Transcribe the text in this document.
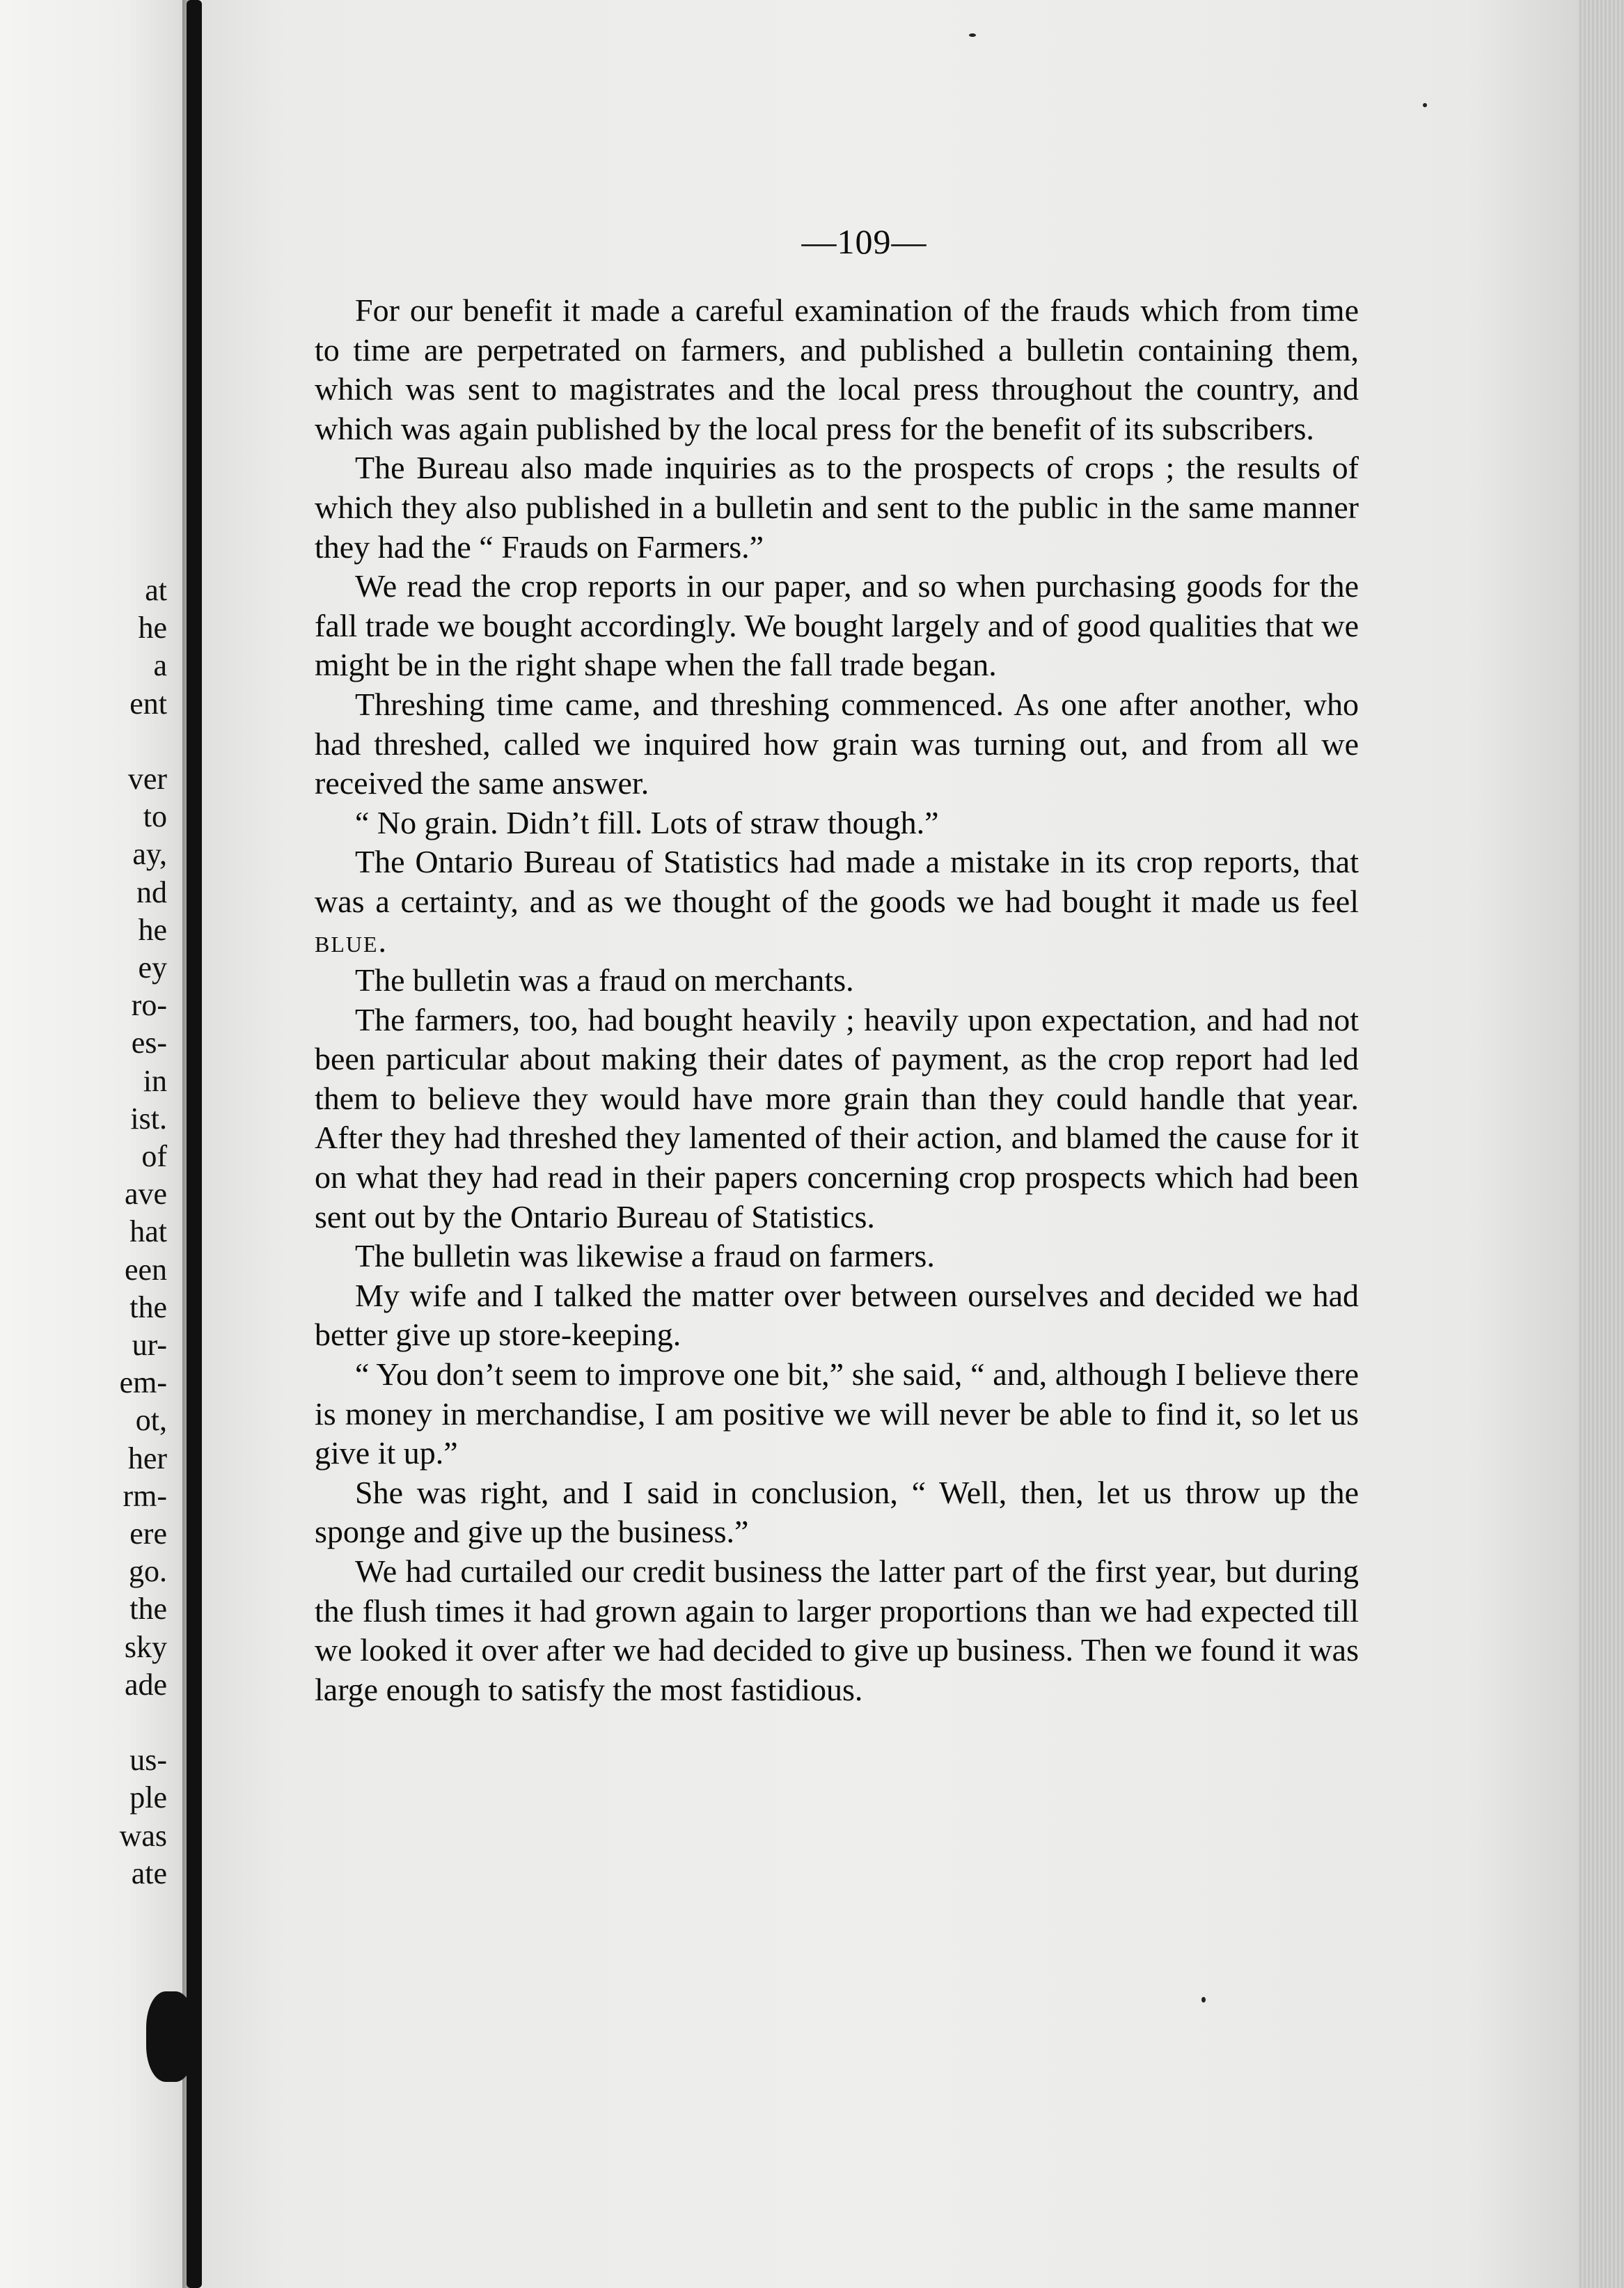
at
he
a
ent
ver
to
ay,
nd
he
ey
ro-
es-
in
ist.
of
ave
hat
een
the
ur-
em-
ot,
her
rm-
ere
go.
the
sky
ade
us-
ple
was
ate
—109—

For our benefit it made a careful examination of the frauds which from time to time are perpetrated on farmers, and published a bulletin containing them, which was sent to magistrates and the local press throughout the country, and which was again published by the local press for the benefit of its subscribers.

The Bureau also made inquiries as to the prospects of crops ; the results of which they also published in a bulletin and sent to the public in the same manner they had the “ Frauds on Farmers.”

We read the crop reports in our paper, and so when purchasing goods for the fall trade we bought accordingly. We bought largely and of good qualities that we might be in the right shape when the fall trade began.

Threshing time came, and threshing commenced. As one after another, who had threshed, called we inquired how grain was turning out, and from all we received the same answer.

“ No grain. Didn’t fill. Lots of straw though.”

The Ontario Bureau of Statistics had made a mistake in its crop reports, that was a certainty, and as we thought of the goods we had bought it made us feel blue.

The bulletin was a fraud on merchants.

The farmers, too, had bought heavily ; heavily upon expectation, and had not been particular about making their dates of payment, as the crop report had led them to believe they would have more grain than they could handle that year. After they had threshed they lamented of their action, and blamed the cause for it on what they had read in their papers concerning crop prospects which had been sent out by the Ontario Bureau of Statistics.

The bulletin was likewise a fraud on farmers.

My wife and I talked the matter over between ourselves and decided we had better give up store-keeping.

“ You don’t seem to improve one bit,” she said, “ and, although I believe there is money in merchandise, I am positive we will never be able to find it, so let us give it up.”

She was right, and I said in conclusion, “ Well, then, let us throw up the sponge and give up the business.”

We had curtailed our credit business the latter part of the first year, but during the flush times it had grown again to larger proportions than we had expected till we looked it over after we had decided to give up business. Then we found it was large enough to satisfy the most fastidious.
